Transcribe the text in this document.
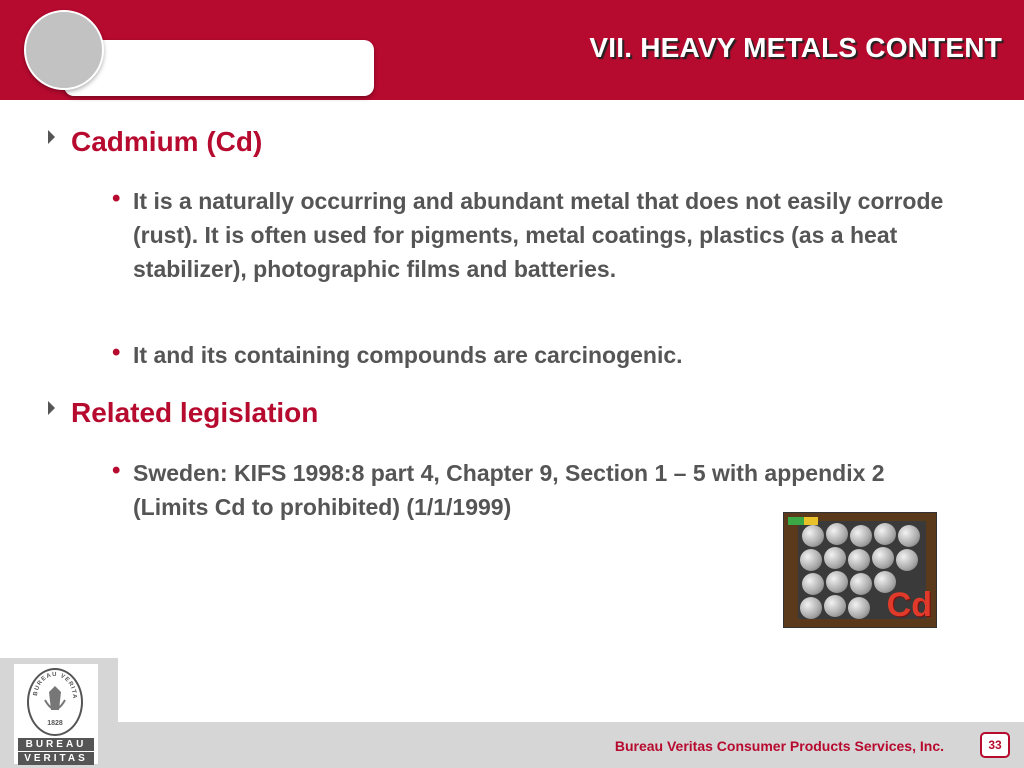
VII. HEAVY METALS CONTENT
Cadmium (Cd)
• It is a naturally occurring and abundant metal that does not easily corrode (rust). It is often used for pigments, metal coatings, plastics (as a heat stabilizer), photographic films and batteries.
• It and its containing compounds are carcinogenic.
Related legislation
• Sweden: KIFS 1998:8 part 4, Chapter 9, Section 1 – 5 with appendix 2 (Limits Cd to prohibited) (1/1/1999)
Cd
BUREAU VERITA
1828
BUREAU
VERITAS
Bureau Veritas Consumer Products Services, Inc.	33
